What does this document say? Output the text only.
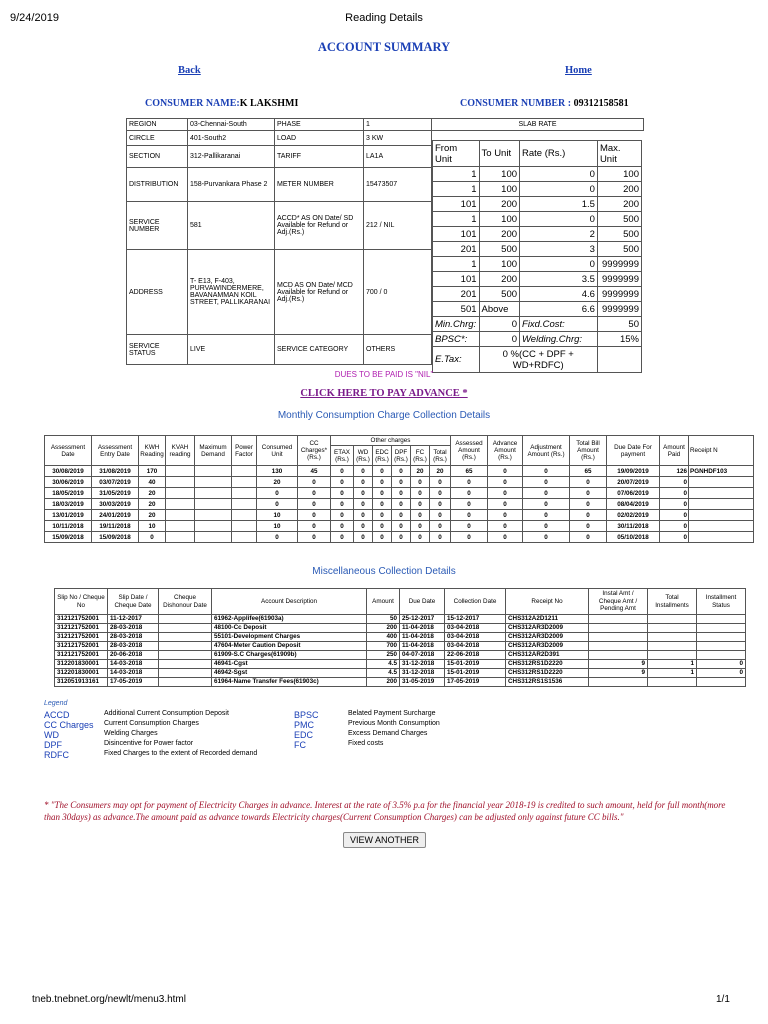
9/24/2019	Reading Details
ACCOUNT SUMMARY
Back	Home
CONSUMER NAME:K LAKSHMI	CONSUMER NUMBER : 09312158581
REGION	03-Chennai-South	PHASE	1
CIRCLE	401-South2	LOAD	3 KW
SECTION	312-Pallikaranai	TARIFF	LA1A
DISTRIBUTION	158-Purvankara Phase 2	METER NUMBER	15473507
SERVICE NUMBER	581	ACCD* AS ON Date/ SD Available for Refund or Adj.(Rs.)	212 / NIL
ADDRESS	T- E13, F-403, PURVAWINDERMERE, BAVANAMMAN KOIL STREET, PALLIKARANAI	MCD AS ON Date/ MCD Available for Refund or Adj.(Rs.)	700 / 0
SERVICE STATUS	LIVE	SERVICE CATEGORY	OTHERS
SLAB RATE
From Unit	To Unit	Rate (Rs.)	Max. Unit
1	100	0	100
1	100	0	200
101	200	1.5	200
1	100	0	500
101	200	2	500
201	500	3	500
1	100	0	9999999
101	200	3.5	9999999
201	500	4.6	9999999
501	Above	6.6	9999999
Min.Chrg:	0	Fixd.Cost:	50
BPSC*:	0	Welding.Chrg:	15%
E.Tax:	0 %(CC + DPF + WD+RDFC)		
DUES TO BE PAID IS "NIL"
CLICK HERE TO PAY ADVANCE *
Monthly Consumption Charge Collection Details
Assessment Date	Assessment Entry Date	KWH Reading	KVAH reading	Maximum Demand	Power Factor	Consumed Unit	CC Charges* (Rs.)	Other charges						Assessed Amount (Rs.)	Advance Amount (Rs.)	Adjustment Amount (Rs.)	Total Bill Amount (Rs.)	Due Date For payment	Amount Paid	Receipt N
								ETAX (Rs.)	WD (Rs.)	EDC (Rs.)	DPF (Rs.)	FC (Rs.)	Total (Rs.)							
30/08/2019	31/08/2019	170				130	45	0	0	0	0	20	20	65	0	0	65	19/09/2019	126	PGNHDF103
30/06/2019	03/07/2019	40				20	0	0	0	0	0	0	0	0	0	0	0	20/07/2019	0	
18/05/2019	31/05/2019	20				0	0	0	0	0	0	0	0	0	0	0	0	07/06/2019	0	
18/03/2019	30/03/2019	20				0	0	0	0	0	0	0	0	0	0	0	0	08/04/2019	0	
13/01/2019	24/01/2019	20				10	0	0	0	0	0	0	0	0	0	0	0	02/02/2019	0	
10/11/2018	19/11/2018	10				10	0	0	0	0	0	0	0	0	0	0	0	30/11/2018	0	
15/09/2018	15/09/2018	0				0	0	0	0	0	0	0	0	0	0	0	0	05/10/2018	0	
Miscellaneous Collection Details
Slip No / Cheque No	Slip Date / Cheque Date	Cheque Dishonour Date	Account Description	Amount	Due Date	Collection Date	Receipt No	Instal Amt / Cheque Amt / Pending Amt	Total Installments	Installment Status
312121752001	11-12-2017		61962-Applifee(61903a)	50	25-12-2017	15-12-2017	CHS312A2D1211			
312121752001	28-03-2018		48100-Cc Deposit	200	11-04-2018	03-04-2018	CHS312AR3D2009			
312121752001	28-03-2018		55101-Development Charges	400	11-04-2018	03-04-2018	CHS312AR3D2009			
312121752001	28-03-2018		47604-Meter Caution Deposit	700	11-04-2018	03-04-2018	CHS312AR3D2009			
312121752001	20-06-2018		61909-S.C Charges(61909b)	250	04-07-2018	22-06-2018	CHS312AR2D391			
312201830001	14-03-2018		46941-Cgst	4.5	31-12-2018	15-01-2019	CHS312RS1D2220	9	1	0
312201830001	14-03-2018		46942-Sgst	4.5	31-12-2018	15-01-2019	CHS312RS1D2220	9	1	0
312051913161	17-05-2019		61964-Name Transfer Fees(61903c)	200	31-05-2019	17-05-2019	CHS312RS1S1536			
Legend
ACCD	Additional Current Consumption Deposit	BPSC	Belated Payment Surcharge
CC Charges	Current Consumption Charges	PMC	Previous Month Consumption
WD	Welding Charges	EDC	Excess Demand Charges
DPF	Disincentive for Power factor	FC	Fixed costs
RDFC	Fixed Charges to the extent of Recorded demand		
* "The Consumers may opt for payment of Electricity Charges in advance. Interest at the rate of 3.5% p.a for the financial year 2018-19 is credited to such amount, held for full month(more than 30days) as advance.The amount paid as advance towards Electricity charges(Current Consumption Charges) can be adjusted only against future CC bills."
VIEW ANOTHER
tneb.tnebnet.org/newlt/menu3.html	1/1
